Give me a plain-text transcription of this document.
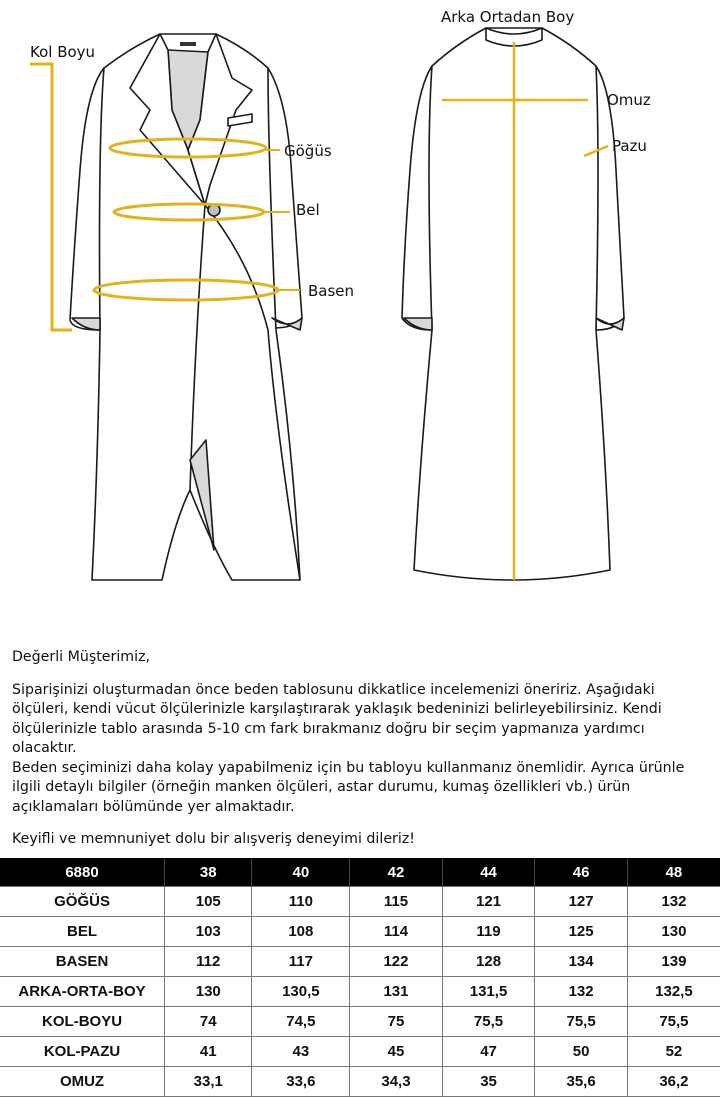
Kol Boyu
Göğüs
Bel
Basen
Arka Ortadan Boy
Omuz
Pazu

Değerli Müşterimiz,

Siparişinizi oluşturmadan önce beden tablosunu dikkatlice incelemenizi öneririz. Aşağıdaki ölçüleri, kendi vücut ölçülerinizle karşılaştırarak yaklaşık bedeninizi belirleyebilirsiniz. Kendi ölçülerinizle tablo arasında 5-10 cm fark bırakmanız doğru bir seçim yapmanıza yardımcı olacaktır.

Beden seçiminizi daha kolay yapabilmeniz için bu tabloyu kullanmanız önemlidir. Ayrıca ürünle ilgili detaylı bilgiler (örneğin manken ölçüleri, astar durumu, kumaş özellikleri vb.) ürün açıklamaları bölümünde yer almaktadır.

Keyifli ve memnuniyet dolu bir alışveriş deneyimi dileriz!

6880	38	40	42	44	46	48
GÖĞÜS	105	110	115	121	127	132
BEL	103	108	114	119	125	130
BASEN	112	117	122	128	134	139
ARKA-ORTA-BOY	130	130,5	131	131,5	132	132,5
KOL-BOYU	74	74,5	75	75,5	75,5	75,5
KOL-PAZU	41	43	45	47	50	52
OMUZ	33,1	33,6	34,3	35	35,6	36,2
